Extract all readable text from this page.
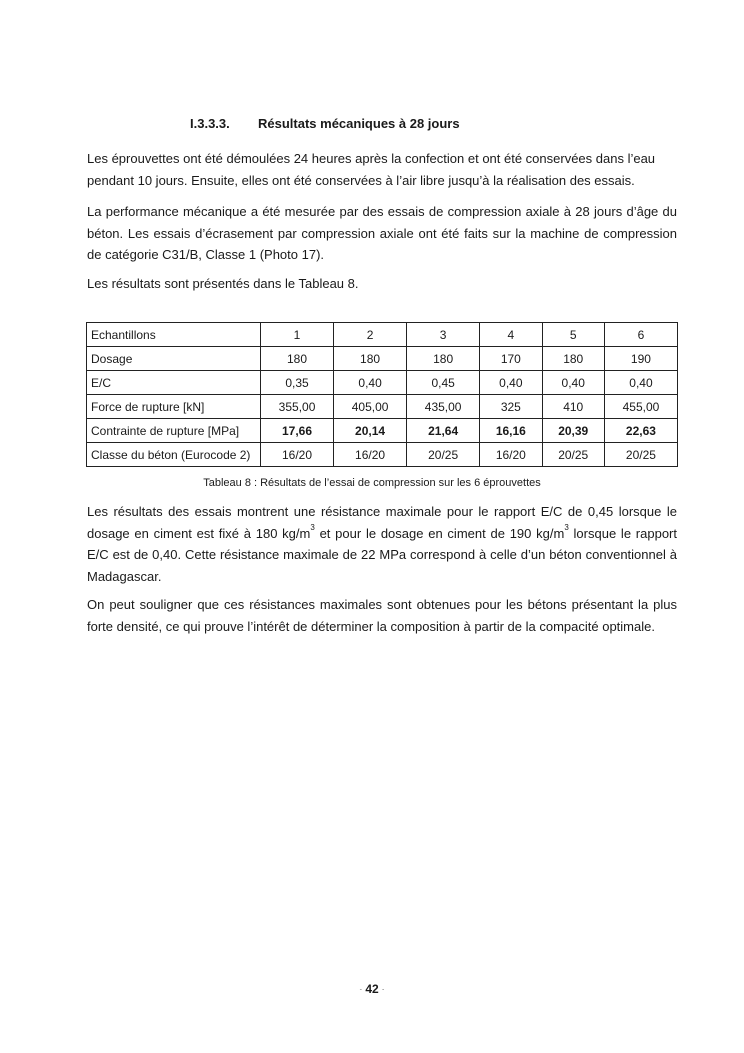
I.3.3.3. Résultats mécaniques à 28 jours

Les éprouvettes ont été démoulées 24 heures après la confection et ont été conservées dans l’eau pendant 10 jours. Ensuite, elles ont été conservées à l’air libre jusqu’à la réalisation des essais.

La performance mécanique a été mesurée par des essais de compression axiale à 28 jours d’âge du béton. Les essais d’écrasement par compression axiale ont été faits sur la machine de compression de catégorie C31/B, Classe 1 (Photo 17).

Les résultats sont présentés dans le Tableau 8.

Echantillons	1	2	3	4	5	6
Dosage	180	180	180	170	180	190
E/C	0,35	0,40	0,45	0,40	0,40	0,40
Force de rupture [kN]	355,00	405,00	435,00	325	410	455,00
Contrainte de rupture [MPa]	17,66	20,14	21,64	16,16	20,39	22,63
Classe du béton (Eurocode 2)	16/20	16/20	20/25	16/20	20/25	20/25
Tableau 8 : Résultats de l’essai de compression sur les 6 éprouvettes

Les résultats des essais montrent une résistance maximale pour le rapport E/C de 0,45 lorsque le dosage en ciment est fixé à 180 $kg/m^3$ et pour le dosage en ciment de 190 $kg/m^3$ lorsque le rapport E/C est de 0,40. Cette résistance maximale de 22 MPa correspond à celle d’un béton conventionnel à Madagascar.

On peut souligner que ces résistances maximales sont obtenues pour les bétons présentant la plus forte densité, ce qui prouve l’intérêt de déterminer la composition à partir de la compacité optimale.

- 42 -
